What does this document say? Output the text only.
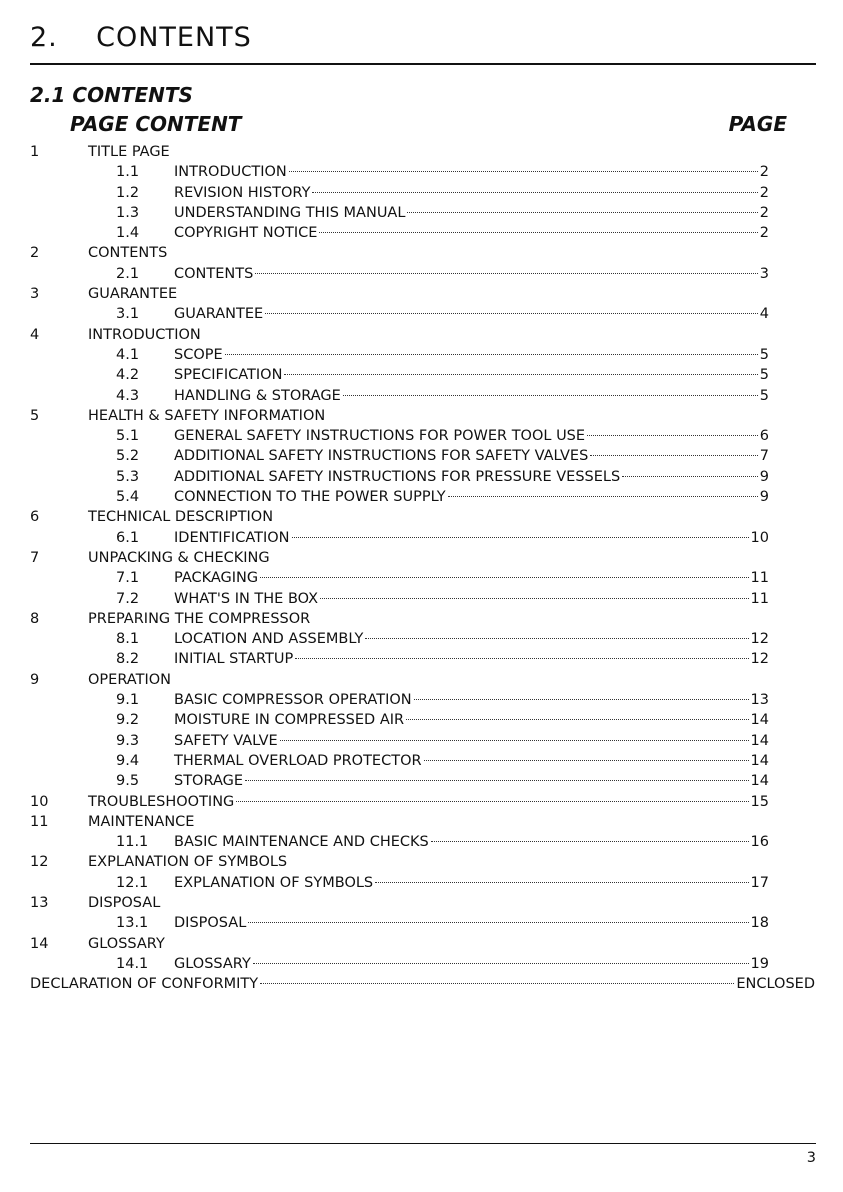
2.    CONTENTS
2.1 CONTENTS
PAGE CONTENT	PAGE
1	TITLE PAGE
1.1	INTRODUCTION	2
1.2	REVISION HISTORY	2
1.3	UNDERSTANDING THIS MANUAL	2
1.4	COPYRIGHT NOTICE	2
2	CONTENTS
2.1	CONTENTS	3
3	GUARANTEE
3.1	GUARANTEE	4
4	INTRODUCTION
4.1	SCOPE	5
4.2	SPECIFICATION	5
4.3	HANDLING & STORAGE	5
5	HEALTH & SAFETY INFORMATION
5.1	GENERAL SAFETY INSTRUCTIONS FOR POWER TOOL USE	6
5.2	ADDITIONAL SAFETY INSTRUCTIONS FOR SAFETY VALVES	7
5.3	ADDITIONAL SAFETY INSTRUCTIONS FOR PRESSURE VESSELS	9
5.4	CONNECTION TO THE POWER SUPPLY	9
6	TECHNICAL DESCRIPTION
6.1	IDENTIFICATION	10
7	UNPACKING & CHECKING
7.1	PACKAGING	11
7.2	WHAT'S IN THE BOX	11
8	PREPARING THE COMPRESSOR
8.1	LOCATION AND ASSEMBLY	12
8.2	INITIAL STARTUP	12
9	OPERATION
9.1	BASIC COMPRESSOR OPERATION	13
9.2	MOISTURE IN COMPRESSED AIR	14
9.3	SAFETY VALVE	14
9.4	THERMAL OVERLOAD PROTECTOR	14
9.5	STORAGE	14
10	TROUBLESHOOTING	15
11	MAINTENANCE
11.1	BASIC MAINTENANCE AND CHECKS	16
12	EXPLANATION OF SYMBOLS
12.1	EXPLANATION OF SYMBOLS	17
13	DISPOSAL
13.1	DISPOSAL	18
14	GLOSSARY
14.1	GLOSSARY	19
DECLARATION OF CONFORMITY	ENCLOSED
3
